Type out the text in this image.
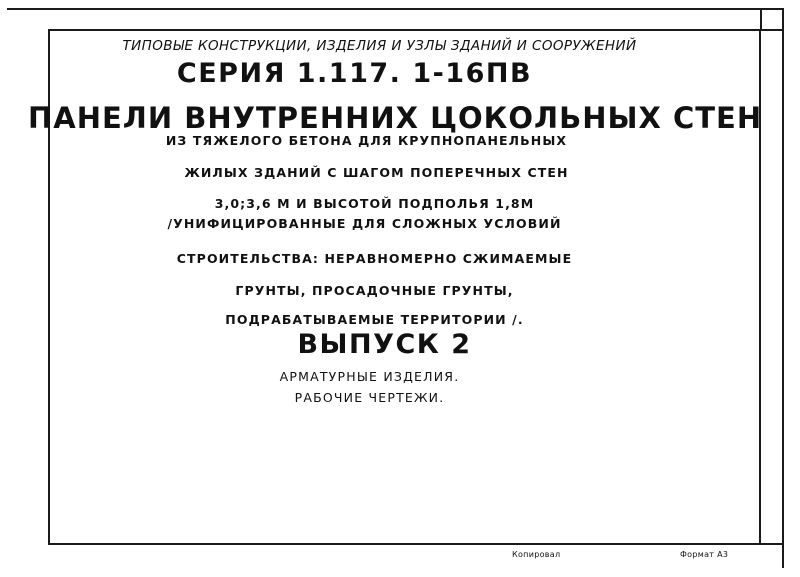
ТИПОВЫЕ КОНСТРУКЦИИ, ИЗДЕЛИЯ И УЗЛЫ ЗДАНИЙ И СООРУЖЕНИЙ

СЕРИЯ 1.117. 1-16ПВ

ПАНЕЛИ ВНУТРЕННИХ ЦОКОЛЬНЫХ СТЕН

ИЗ ТЯЖЕЛОГО БЕТОНА ДЛЯ КРУПНОПАНЕЛЬНЫХ

ЖИЛЫХ ЗДАНИЙ С ШАГОМ ПОПЕРЕЧНЫХ СТЕН

3,0;3,6 М И ВЫСОТОЙ ПОДПОЛЬЯ 1,8М

/УНИФИЦИРОВАННЫЕ ДЛЯ СЛОЖНЫХ УСЛОВИЙ

СТРОИТЕЛЬСТВА: НЕРАВНОМЕРНО СЖИМАЕМЫЕ

ГРУНТЫ, ПРОСАДОЧНЫЕ ГРУНТЫ,

ПОДРАБАТЫВАЕМЫЕ ТЕРРИТОРИИ /.

ВЫПУСК 2

АРМАТУРНЫЕ ИЗДЕЛИЯ.

РАБОЧИЕ ЧЕРТЕЖИ.

Копировал	Формат А3
